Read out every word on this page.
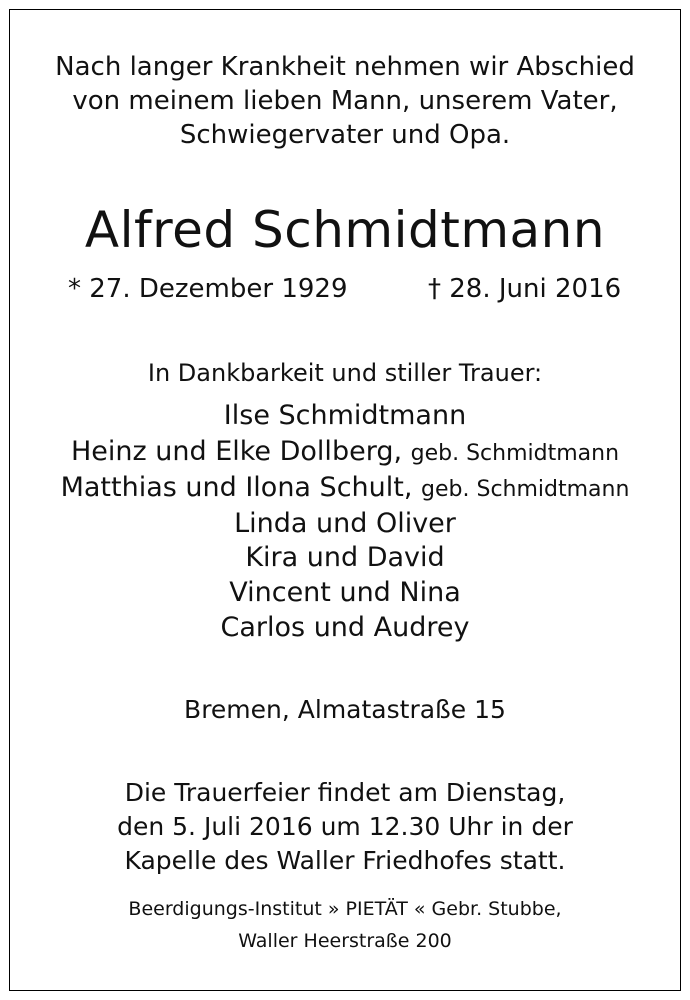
Nach langer Krankheit nehmen wir Abschied
von meinem lieben Mann, unserem Vater,
Schwiegervater und Opa.
Alfred Schmidtmann
* 27. Dezember 1929	† 28. Juni 2016
In Dankbarkeit und stiller Trauer:
Ilse Schmidtmann
Heinz und Elke Dollberg, geb. Schmidtmann
Matthias und Ilona Schult, geb. Schmidtmann
Linda und Oliver
Kira und David
Vincent und Nina
Carlos und Audrey
Bremen, Almatastraße 15
Die Trauerfeier findet am Dienstag,
den 5. Juli 2016 um 12.30 Uhr in der
Kapelle des Waller Friedhofes statt.
Beerdigungs-Institut » PIETÄT « Gebr. Stubbe,
Waller Heerstraße 200
